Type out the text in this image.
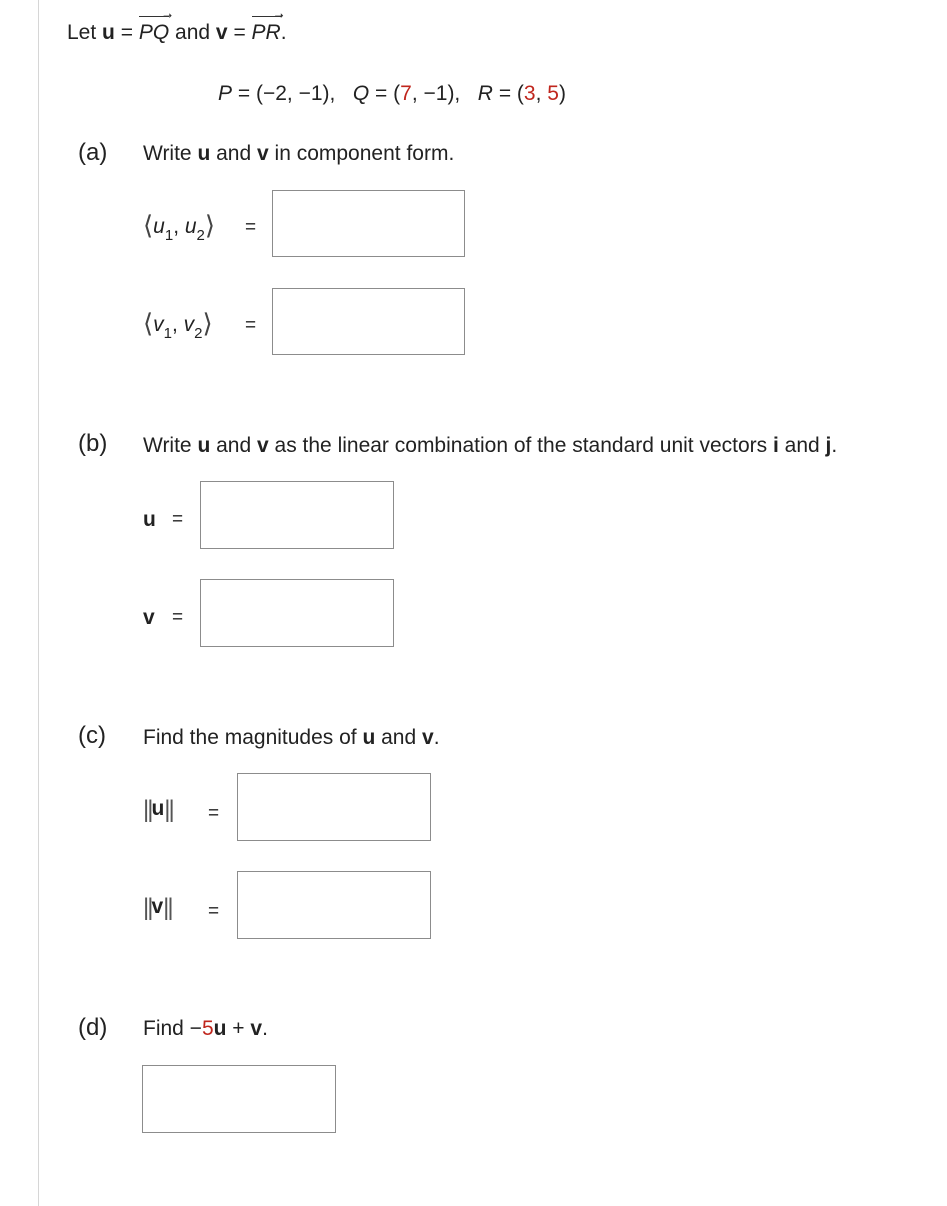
Let u =
➝
PQ and v =
➝
PR.
P = (−2, −1), Q = (7, −1), R = (3, 5)
(a) Write u and v in component form.
$⟨u_1$, $u_2⟩$ =
$⟨v_1$, $v_2⟩$ =
(b) Write u and v as the linear combination of the standard unit vectors i and j.
u =
v =
(c) Find the magnitudes of u and v.
||u|| =
||v|| =
(d) Find −5u + v.
